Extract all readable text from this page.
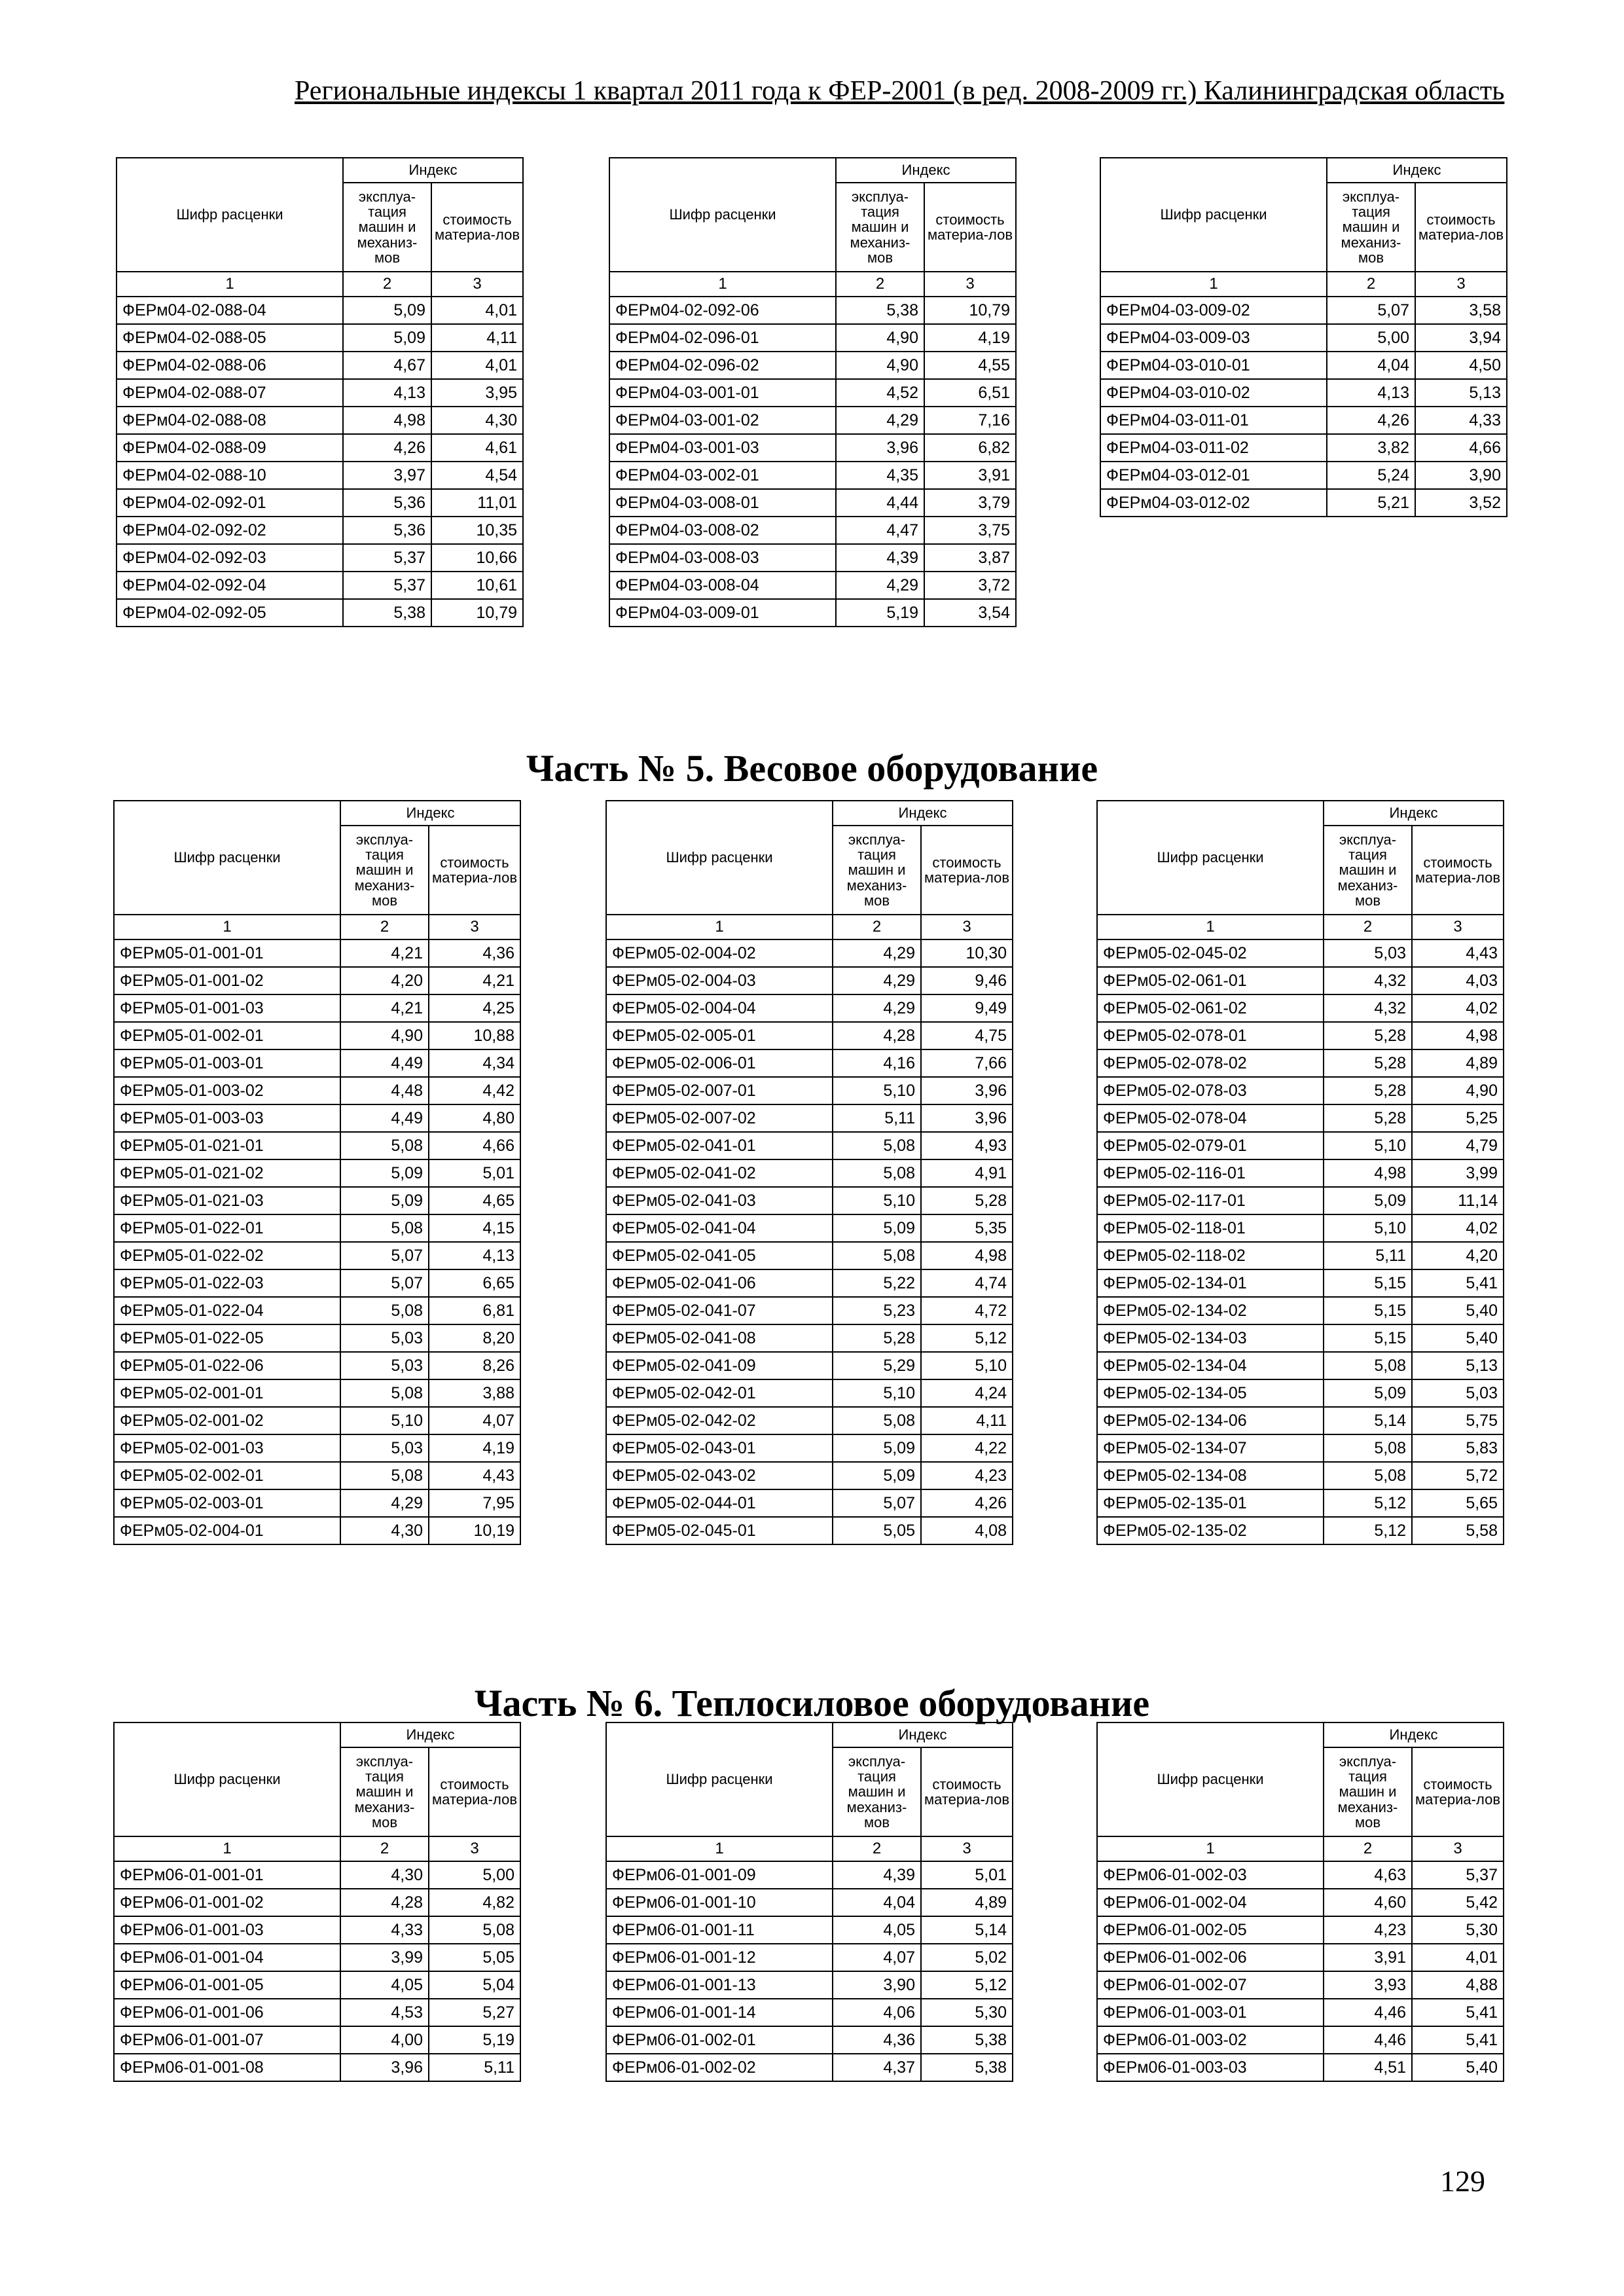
Региональные индексы 1 квартал 2011 года к ФЕР-2001 (в ред. 2008-2009 гг.) Калининградская область
Часть № 5. Весовое оборудование
Часть № 6. Теплосиловое оборудование
Шифр расценки	Индекс	
	эксплуа-тация машин и механиз-мов	стоимость материа-лов
1	2	3
ФЕРм04-02-088-04	5,09	4,01
ФЕРм04-02-088-05	5,09	4,11
ФЕРм04-02-088-06	4,67	4,01
ФЕРм04-02-088-07	4,13	3,95
ФЕРм04-02-088-08	4,98	4,30
ФЕРм04-02-088-09	4,26	4,61
ФЕРм04-02-088-10	3,97	4,54
ФЕРм04-02-092-01	5,36	11,01
ФЕРм04-02-092-02	5,36	10,35
ФЕРм04-02-092-03	5,37	10,66
ФЕРм04-02-092-04	5,37	10,61
ФЕРм04-02-092-05	5,38	10,79
Шифр расценки	Индекс	
	эксплуа-тация машин и механиз-мов	стоимость материа-лов
1	2	3
ФЕРм04-02-092-06	5,38	10,79
ФЕРм04-02-096-01	4,90	4,19
ФЕРм04-02-096-02	4,90	4,55
ФЕРм04-03-001-01	4,52	6,51
ФЕРм04-03-001-02	4,29	7,16
ФЕРм04-03-001-03	3,96	6,82
ФЕРм04-03-002-01	4,35	3,91
ФЕРм04-03-008-01	4,44	3,79
ФЕРм04-03-008-02	4,47	3,75
ФЕРм04-03-008-03	4,39	3,87
ФЕРм04-03-008-04	4,29	3,72
ФЕРм04-03-009-01	5,19	3,54
Шифр расценки	Индекс	
	эксплуа-тация машин и механиз-мов	стоимость материа-лов
1	2	3
ФЕРм04-03-009-02	5,07	3,58
ФЕРм04-03-009-03	5,00	3,94
ФЕРм04-03-010-01	4,04	4,50
ФЕРм04-03-010-02	4,13	5,13
ФЕРм04-03-011-01	4,26	4,33
ФЕРм04-03-011-02	3,82	4,66
ФЕРм04-03-012-01	5,24	3,90
ФЕРм04-03-012-02	5,21	3,52
Шифр расценки	Индекс	
	эксплуа-тация машин и механиз-мов	стоимость материа-лов
1	2	3
ФЕРм05-01-001-01	4,21	4,36
ФЕРм05-01-001-02	4,20	4,21
ФЕРм05-01-001-03	4,21	4,25
ФЕРм05-01-002-01	4,90	10,88
ФЕРм05-01-003-01	4,49	4,34
ФЕРм05-01-003-02	4,48	4,42
ФЕРм05-01-003-03	4,49	4,80
ФЕРм05-01-021-01	5,08	4,66
ФЕРм05-01-021-02	5,09	5,01
ФЕРм05-01-021-03	5,09	4,65
ФЕРм05-01-022-01	5,08	4,15
ФЕРм05-01-022-02	5,07	4,13
ФЕРм05-01-022-03	5,07	6,65
ФЕРм05-01-022-04	5,08	6,81
ФЕРм05-01-022-05	5,03	8,20
ФЕРм05-01-022-06	5,03	8,26
ФЕРм05-02-001-01	5,08	3,88
ФЕРм05-02-001-02	5,10	4,07
ФЕРм05-02-001-03	5,03	4,19
ФЕРм05-02-002-01	5,08	4,43
ФЕРм05-02-003-01	4,29	7,95
ФЕРм05-02-004-01	4,30	10,19
Шифр расценки	Индекс	
	эксплуа-тация машин и механиз-мов	стоимость материа-лов
1	2	3
ФЕРм05-02-004-02	4,29	10,30
ФЕРм05-02-004-03	4,29	9,46
ФЕРм05-02-004-04	4,29	9,49
ФЕРм05-02-005-01	4,28	4,75
ФЕРм05-02-006-01	4,16	7,66
ФЕРм05-02-007-01	5,10	3,96
ФЕРм05-02-007-02	5,11	3,96
ФЕРм05-02-041-01	5,08	4,93
ФЕРм05-02-041-02	5,08	4,91
ФЕРм05-02-041-03	5,10	5,28
ФЕРм05-02-041-04	5,09	5,35
ФЕРм05-02-041-05	5,08	4,98
ФЕРм05-02-041-06	5,22	4,74
ФЕРм05-02-041-07	5,23	4,72
ФЕРм05-02-041-08	5,28	5,12
ФЕРм05-02-041-09	5,29	5,10
ФЕРм05-02-042-01	5,10	4,24
ФЕРм05-02-042-02	5,08	4,11
ФЕРм05-02-043-01	5,09	4,22
ФЕРм05-02-043-02	5,09	4,23
ФЕРм05-02-044-01	5,07	4,26
ФЕРм05-02-045-01	5,05	4,08
Шифр расценки	Индекс	
	эксплуа-тация машин и механиз-мов	стоимость материа-лов
1	2	3
ФЕРм05-02-045-02	5,03	4,43
ФЕРм05-02-061-01	4,32	4,03
ФЕРм05-02-061-02	4,32	4,02
ФЕРм05-02-078-01	5,28	4,98
ФЕРм05-02-078-02	5,28	4,89
ФЕРм05-02-078-03	5,28	4,90
ФЕРм05-02-078-04	5,28	5,25
ФЕРм05-02-079-01	5,10	4,79
ФЕРм05-02-116-01	4,98	3,99
ФЕРм05-02-117-01	5,09	11,14
ФЕРм05-02-118-01	5,10	4,02
ФЕРм05-02-118-02	5,11	4,20
ФЕРм05-02-134-01	5,15	5,41
ФЕРм05-02-134-02	5,15	5,40
ФЕРм05-02-134-03	5,15	5,40
ФЕРм05-02-134-04	5,08	5,13
ФЕРм05-02-134-05	5,09	5,03
ФЕРм05-02-134-06	5,14	5,75
ФЕРм05-02-134-07	5,08	5,83
ФЕРм05-02-134-08	5,08	5,72
ФЕРм05-02-135-01	5,12	5,65
ФЕРм05-02-135-02	5,12	5,58
Шифр расценки	Индекс	
	эксплуа-тация машин и механиз-мов	стоимость материа-лов
1	2	3
ФЕРм06-01-001-01	4,30	5,00
ФЕРм06-01-001-02	4,28	4,82
ФЕРм06-01-001-03	4,33	5,08
ФЕРм06-01-001-04	3,99	5,05
ФЕРм06-01-001-05	4,05	5,04
ФЕРм06-01-001-06	4,53	5,27
ФЕРм06-01-001-07	4,00	5,19
ФЕРм06-01-001-08	3,96	5,11
Шифр расценки	Индекс	
	эксплуа-тация машин и механиз-мов	стоимость материа-лов
1	2	3
ФЕРм06-01-001-09	4,39	5,01
ФЕРм06-01-001-10	4,04	4,89
ФЕРм06-01-001-11	4,05	5,14
ФЕРм06-01-001-12	4,07	5,02
ФЕРм06-01-001-13	3,90	5,12
ФЕРм06-01-001-14	4,06	5,30
ФЕРм06-01-002-01	4,36	5,38
ФЕРм06-01-002-02	4,37	5,38
Шифр расценки	Индекс	
	эксплуа-тация машин и механиз-мов	стоимость материа-лов
1	2	3
ФЕРм06-01-002-03	4,63	5,37
ФЕРм06-01-002-04	4,60	5,42
ФЕРм06-01-002-05	4,23	5,30
ФЕРм06-01-002-06	3,91	4,01
ФЕРм06-01-002-07	3,93	4,88
ФЕРм06-01-003-01	4,46	5,41
ФЕРм06-01-003-02	4,46	5,41
ФЕРм06-01-003-03	4,51	5,40
129
